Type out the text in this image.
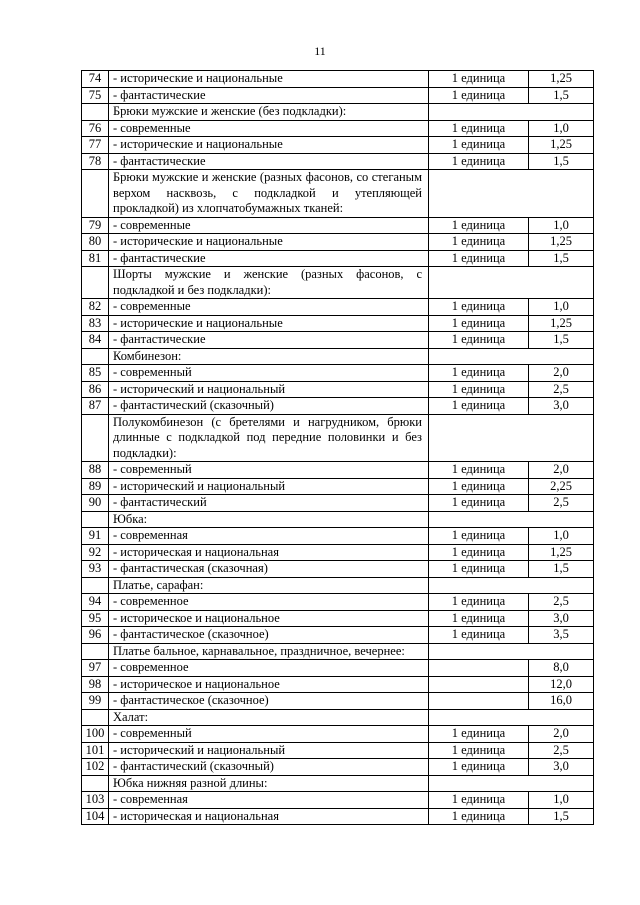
11
74	- исторические и национальные	1 единица	1,25
75	- фантастические	1 единица	1,5
	Брюки мужские и женские (без подкладки):		
76	- современные	1 единица	1,0
77	- исторические и национальные	1 единица	1,25
78	- фантастические	1 единица	1,5
	Брюки мужские и женские (разных фасонов, со стеганым верхом насквозь, с подкладкой и утепляющей прокладкой) из хлопчатобумажных тканей:		
79	- современные	1 единица	1,0
80	- исторические и национальные	1 единица	1,25
81	- фантастические	1 единица	1,5
	Шорты мужские и женские (разных фасонов, с подкладкой и без подкладки):		
82	- современные	1 единица	1,0
83	- исторические и национальные	1 единица	1,25
84	- фантастические	1 единица	1,5
	Комбинезон:		
85	- современный	1 единица	2,0
86	- исторический и национальный	1 единица	2,5
87	- фантастический (сказочный)	1 единица	3,0
	Полукомбинезон (с бретелями и нагрудником, брюки длинные с подкладкой под передние половинки и без подкладки):		
88	- современный	1 единица	2,0
89	- исторический и национальный	1 единица	2,25
90	- фантастический	1 единица	2,5
	Юбка:		
91	- современная	1 единица	1,0
92	- историческая и национальная	1 единица	1,25
93	- фантастическая (сказочная)	1 единица	1,5
	Платье, сарафан:		
94	- современное	1 единица	2,5
95	- историческое и национальное	1 единица	3,0
96	- фантастическое (сказочное)	1 единица	3,5
	Платье бальное, карнавальное, праздничное, вечернее:		
97	- современное		8,0
98	- историческое и национальное		12,0
99	- фантастическое (сказочное)		16,0
	Халат:		
100	- современный	1 единица	2,0
101	- исторический и национальный	1 единица	2,5
102	- фантастический (сказочный)	1 единица	3,0
	Юбка нижняя разной длины:		
103	- современная	1 единица	1,0
104	- историческая и национальная	1 единица	1,5
